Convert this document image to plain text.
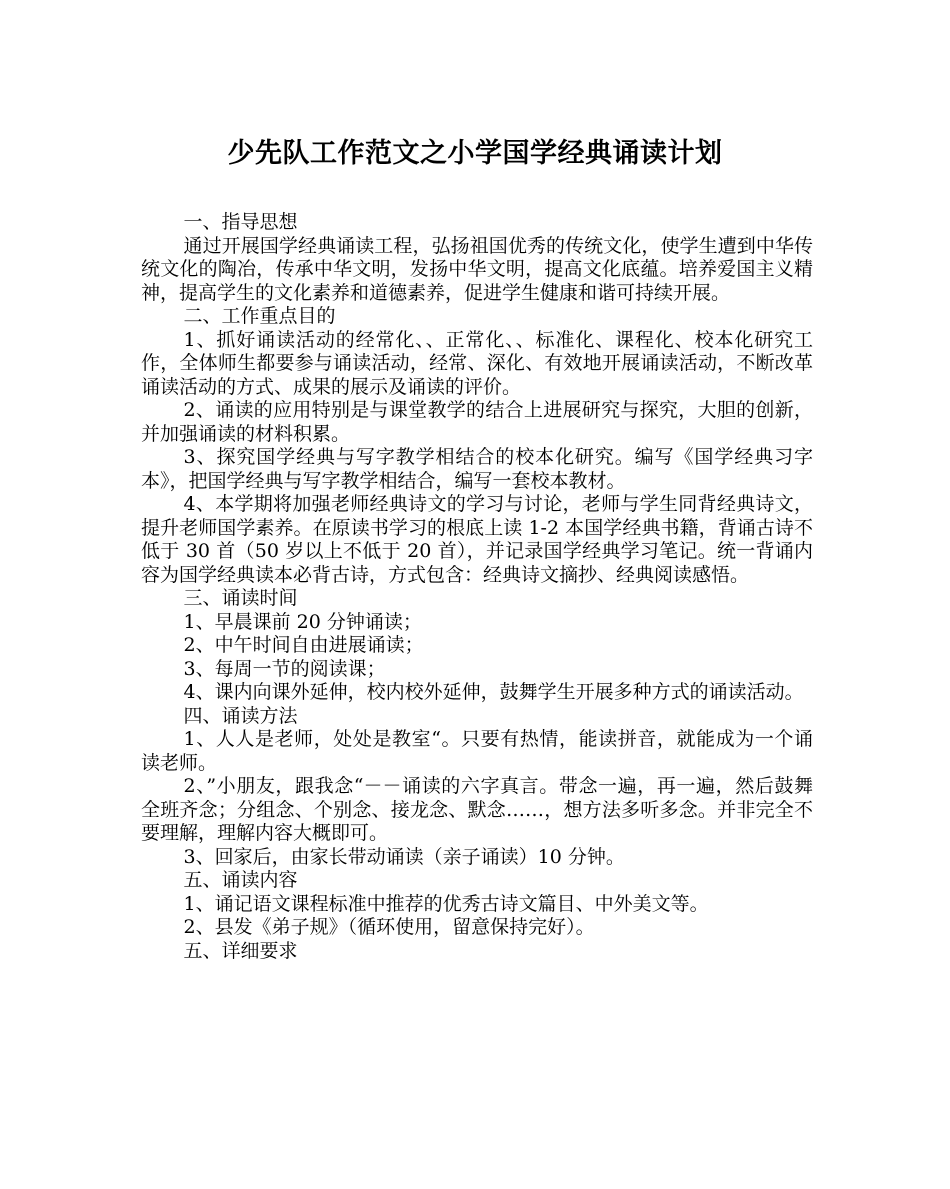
少先队工作范文之小学国学经典诵读计划

一、指导思想

通过开展国学经典诵读工程，弘扬祖国优秀的传统文化，使学生遭到中华传统文化的陶冶，传承中华文明，发扬中华文明，提高文化底蕴。培养爱国主义精神，提高学生的文化素养和道德素养，促进学生健康和谐可持续开展。

二、工作重点目的

1、抓好诵读活动的经常化、、正常化、、标准化、课程化、校本化研究工作，全体师生都要参与诵读活动，经常、深化、有效地开展诵读活动，不断改革诵读活动的方式、成果的展示及诵读的评价。

2、诵读的应用特别是与课堂教学的结合上进展研究与探究，大胆的创新，并加强诵读的材料积累。

3、探究国学经典与写字教学相结合的校本化研究。编写《国学经典习字本》，把国学经典与写字教学相结合，编写一套校本教材。

4、本学期将加强老师经典诗文的学习与讨论，老师与学生同背经典诗文，提升老师国学素养。在原读书学习的根底上读 1-2 本国学经典书籍，背诵古诗不低于 30 首（50 岁以上不低于 20 首），并记录国学经典学习笔记。统一背诵内容为国学经典读本必背古诗，方式包含：经典诗文摘抄、经典阅读感悟。

三、诵读时间

1、早晨课前 20 分钟诵读；

2、中午时间自由进展诵读；

3、每周一节的阅读课；

4、课内向课外延伸，校内校外延伸，鼓舞学生开展多种方式的诵读活动。

四、诵读方法

1、人人是老师，处处是教室“。只要有热情，能读拼音，就能成为一个诵读老师。

2、”小朋友，跟我念“－－诵读的六字真言。带念一遍，再一遍，然后鼓舞全班齐念；分组念、个别念、接龙念、默念……，想方法多听多念。并非完全不要理解，理解内容大概即可。

3、回家后，由家长带动诵读（亲子诵读）10 分钟。

五、诵读内容

1、诵记语文课程标准中推荐的优秀古诗文篇目、中外美文等。

2、县发《弟子规》（循环使用，留意保持完好）。

五、详细要求
